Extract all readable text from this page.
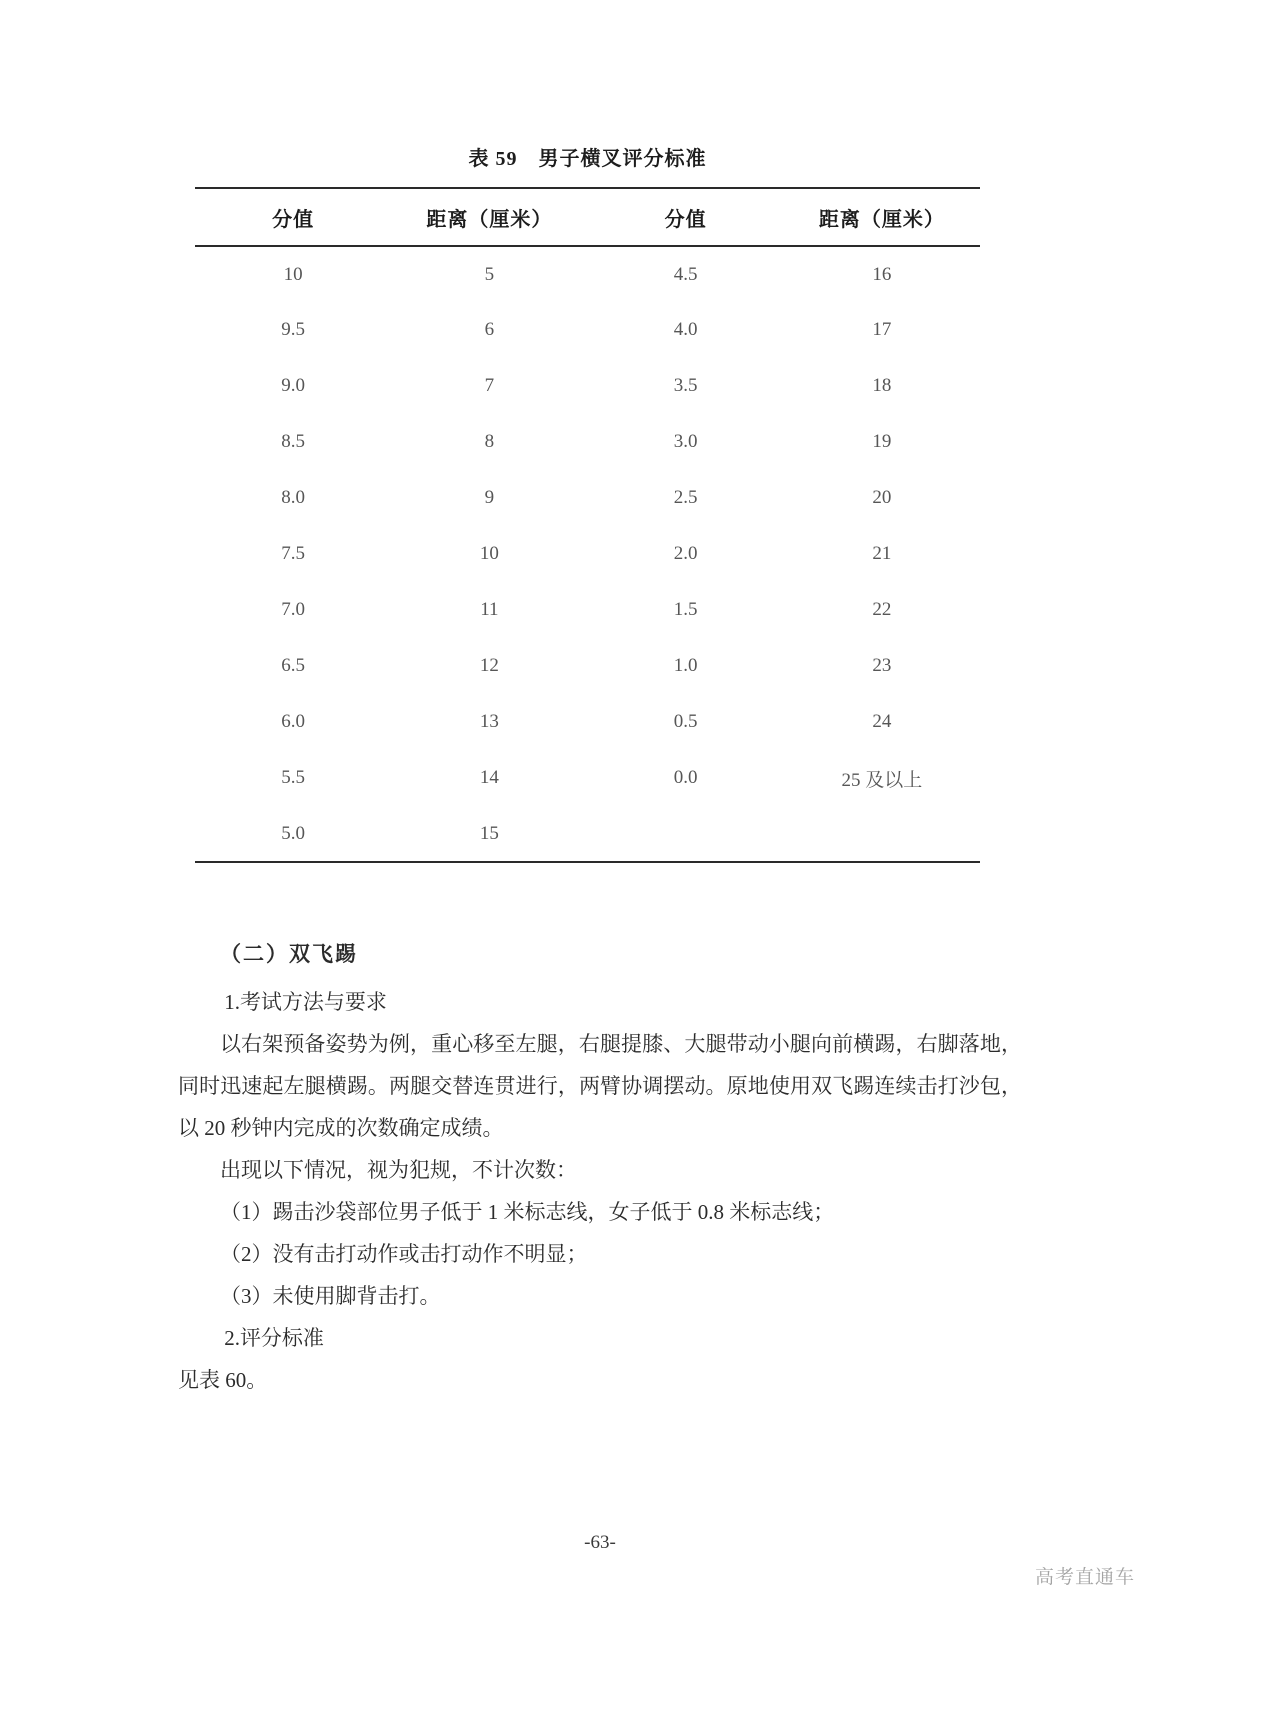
表 59　男子横叉评分标准
分值	距离（厘米）	分值	距离（厘米）
10	5	4.5	16
9.5	6	4.0	17
9.0	7	3.5	18
8.5	8	3.0	19
8.0	9	2.5	20
7.5	10	2.0	21
7.0	11	1.5	22
6.5	12	1.0	23
6.0	13	0.5	24
5.5	14	0.0	25 及以上
5.0	15		

（二）双飞踢

1.考试方法与要求

以右架预备姿势为例，重心移至左腿，右腿提膝、大腿带动小腿向前横踢，右脚落地，同时迅速起左腿横踢。两腿交替连贯进行，两臂协调摆动。原地使用双飞踢连续击打沙包，以 20 秒钟内完成的次数确定成绩。

出现以下情况，视为犯规，不计次数：

（1）踢击沙袋部位男子低于 1 米标志线，女子低于 0.8 米标志线；

（2）没有击打动作或击打动作不明显；

（3）未使用脚背击打。

2.评分标准

见表 60。

-63-
高考直通车
